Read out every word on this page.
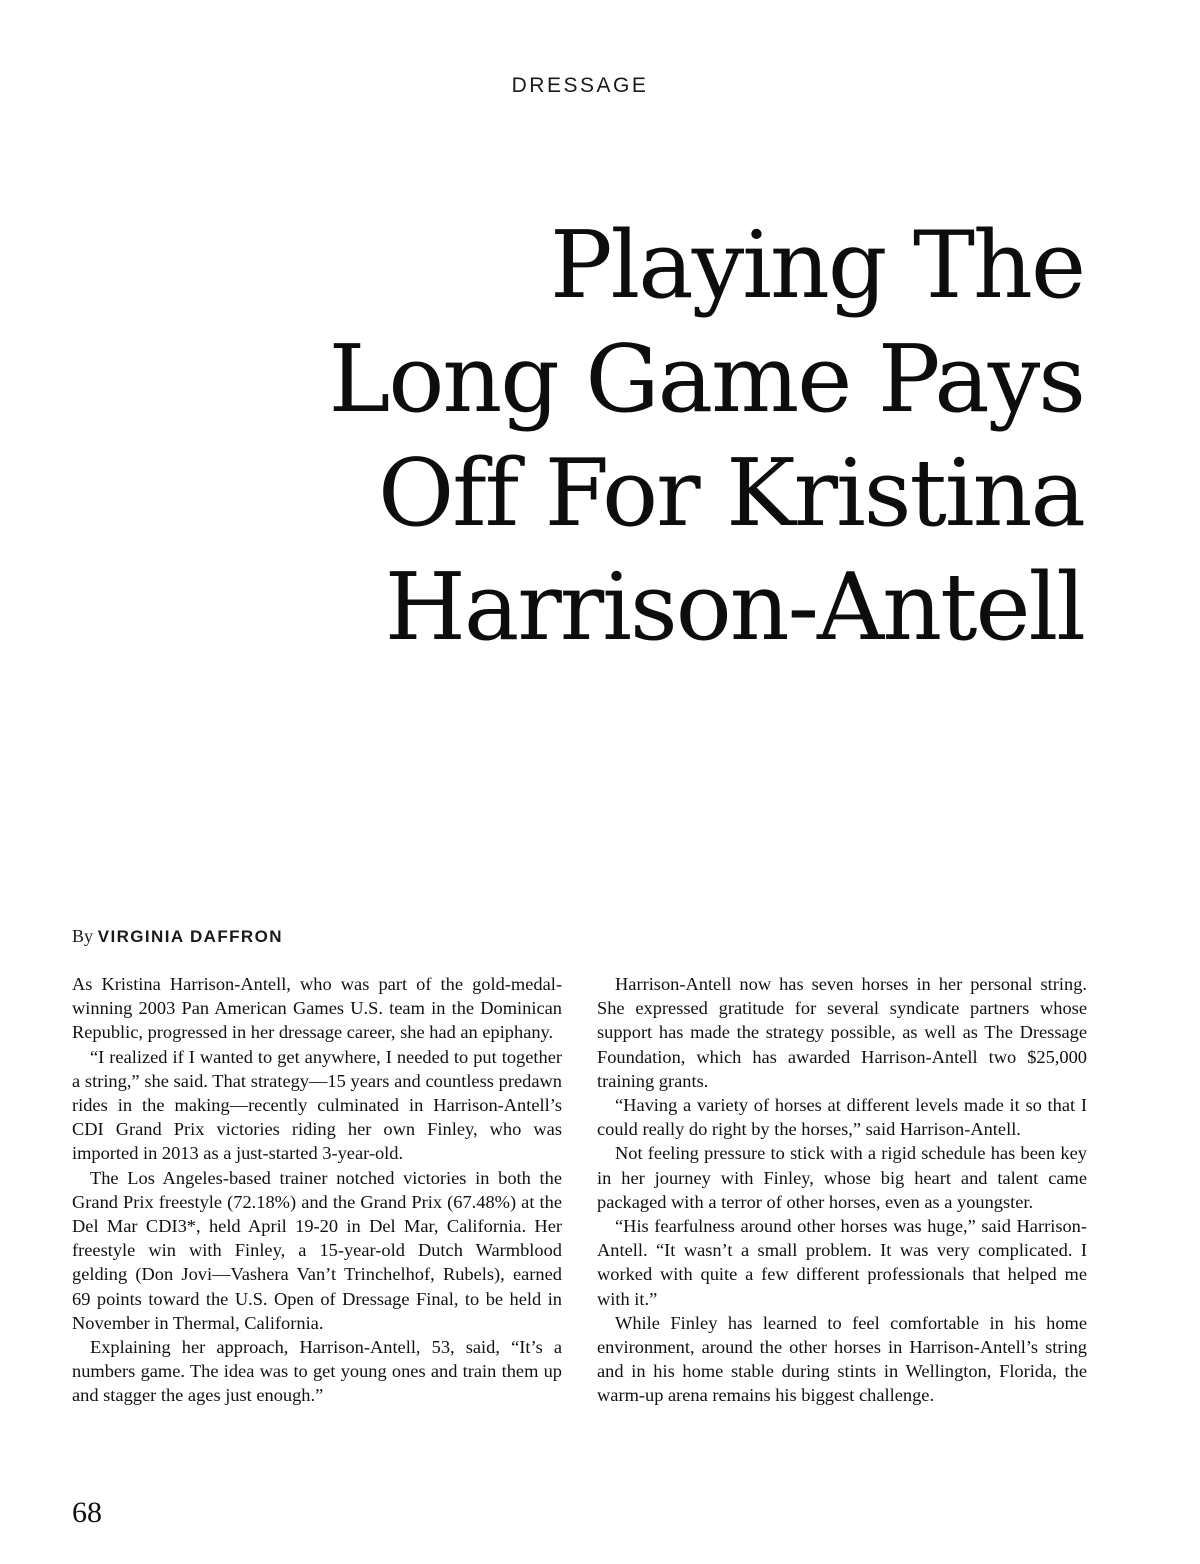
DRESSAGE
Playing The
Long Game Pays
Off For Kristina
Harrison-Antell
By VIRGINIA DAFFRON

As Kristina Harrison-Antell, who was part of the gold-medal-winning 2003 Pan American Games U.S. team in the Dominican Republic, progressed in her dressage career, she had an epiphany.

“I realized if I wanted to get anywhere, I needed to put together a string,” she said. That strategy—15 years and countless predawn rides in the making—recently culminated in Harrison-Antell’s CDI Grand Prix victories riding her own Finley, who was imported in 2013 as a just-started 3-year-old.

The Los Angeles-based trainer notched victories in both the Grand Prix freestyle (72.18%) and the Grand Prix (67.48%) at the Del Mar CDI3*, held April 19-20 in Del Mar, California. Her freestyle win with Finley, a 15-year-old Dutch Warmblood gelding (Don Jovi—Vashera Van’t Trinchelhof, Rubels), earned 69 points toward the U.S. Open of Dressage Final, to be held in November in Thermal, California.

Explaining her approach, Harrison-Antell, 53, said, “It’s a numbers game. The idea was to get young ones and train them up and stagger the ages just enough.”

Harrison-Antell now has seven horses in her personal string. She expressed gratitude for several syndicate partners whose support has made the strategy possible, as well as The Dressage Foundation, which has awarded Harrison-Antell two $25,000 training grants.

“Having a variety of horses at different levels made it so that I could really do right by the horses,” said Harrison-Antell.

Not feeling pressure to stick with a rigid schedule has been key in her journey with Finley, whose big heart and talent came packaged with a terror of other horses, even as a youngster.

“His fearfulness around other horses was huge,” said Harrison-Antell. “It wasn’t a small problem. It was very complicated. I worked with quite a few different professionals that helped me with it.”

While Finley has learned to feel comfortable in his home environment, around the other horses in Harrison-Antell’s string and in his home stable during stints in Wellington, Florida, the warm-up arena remains his biggest challenge.

68
